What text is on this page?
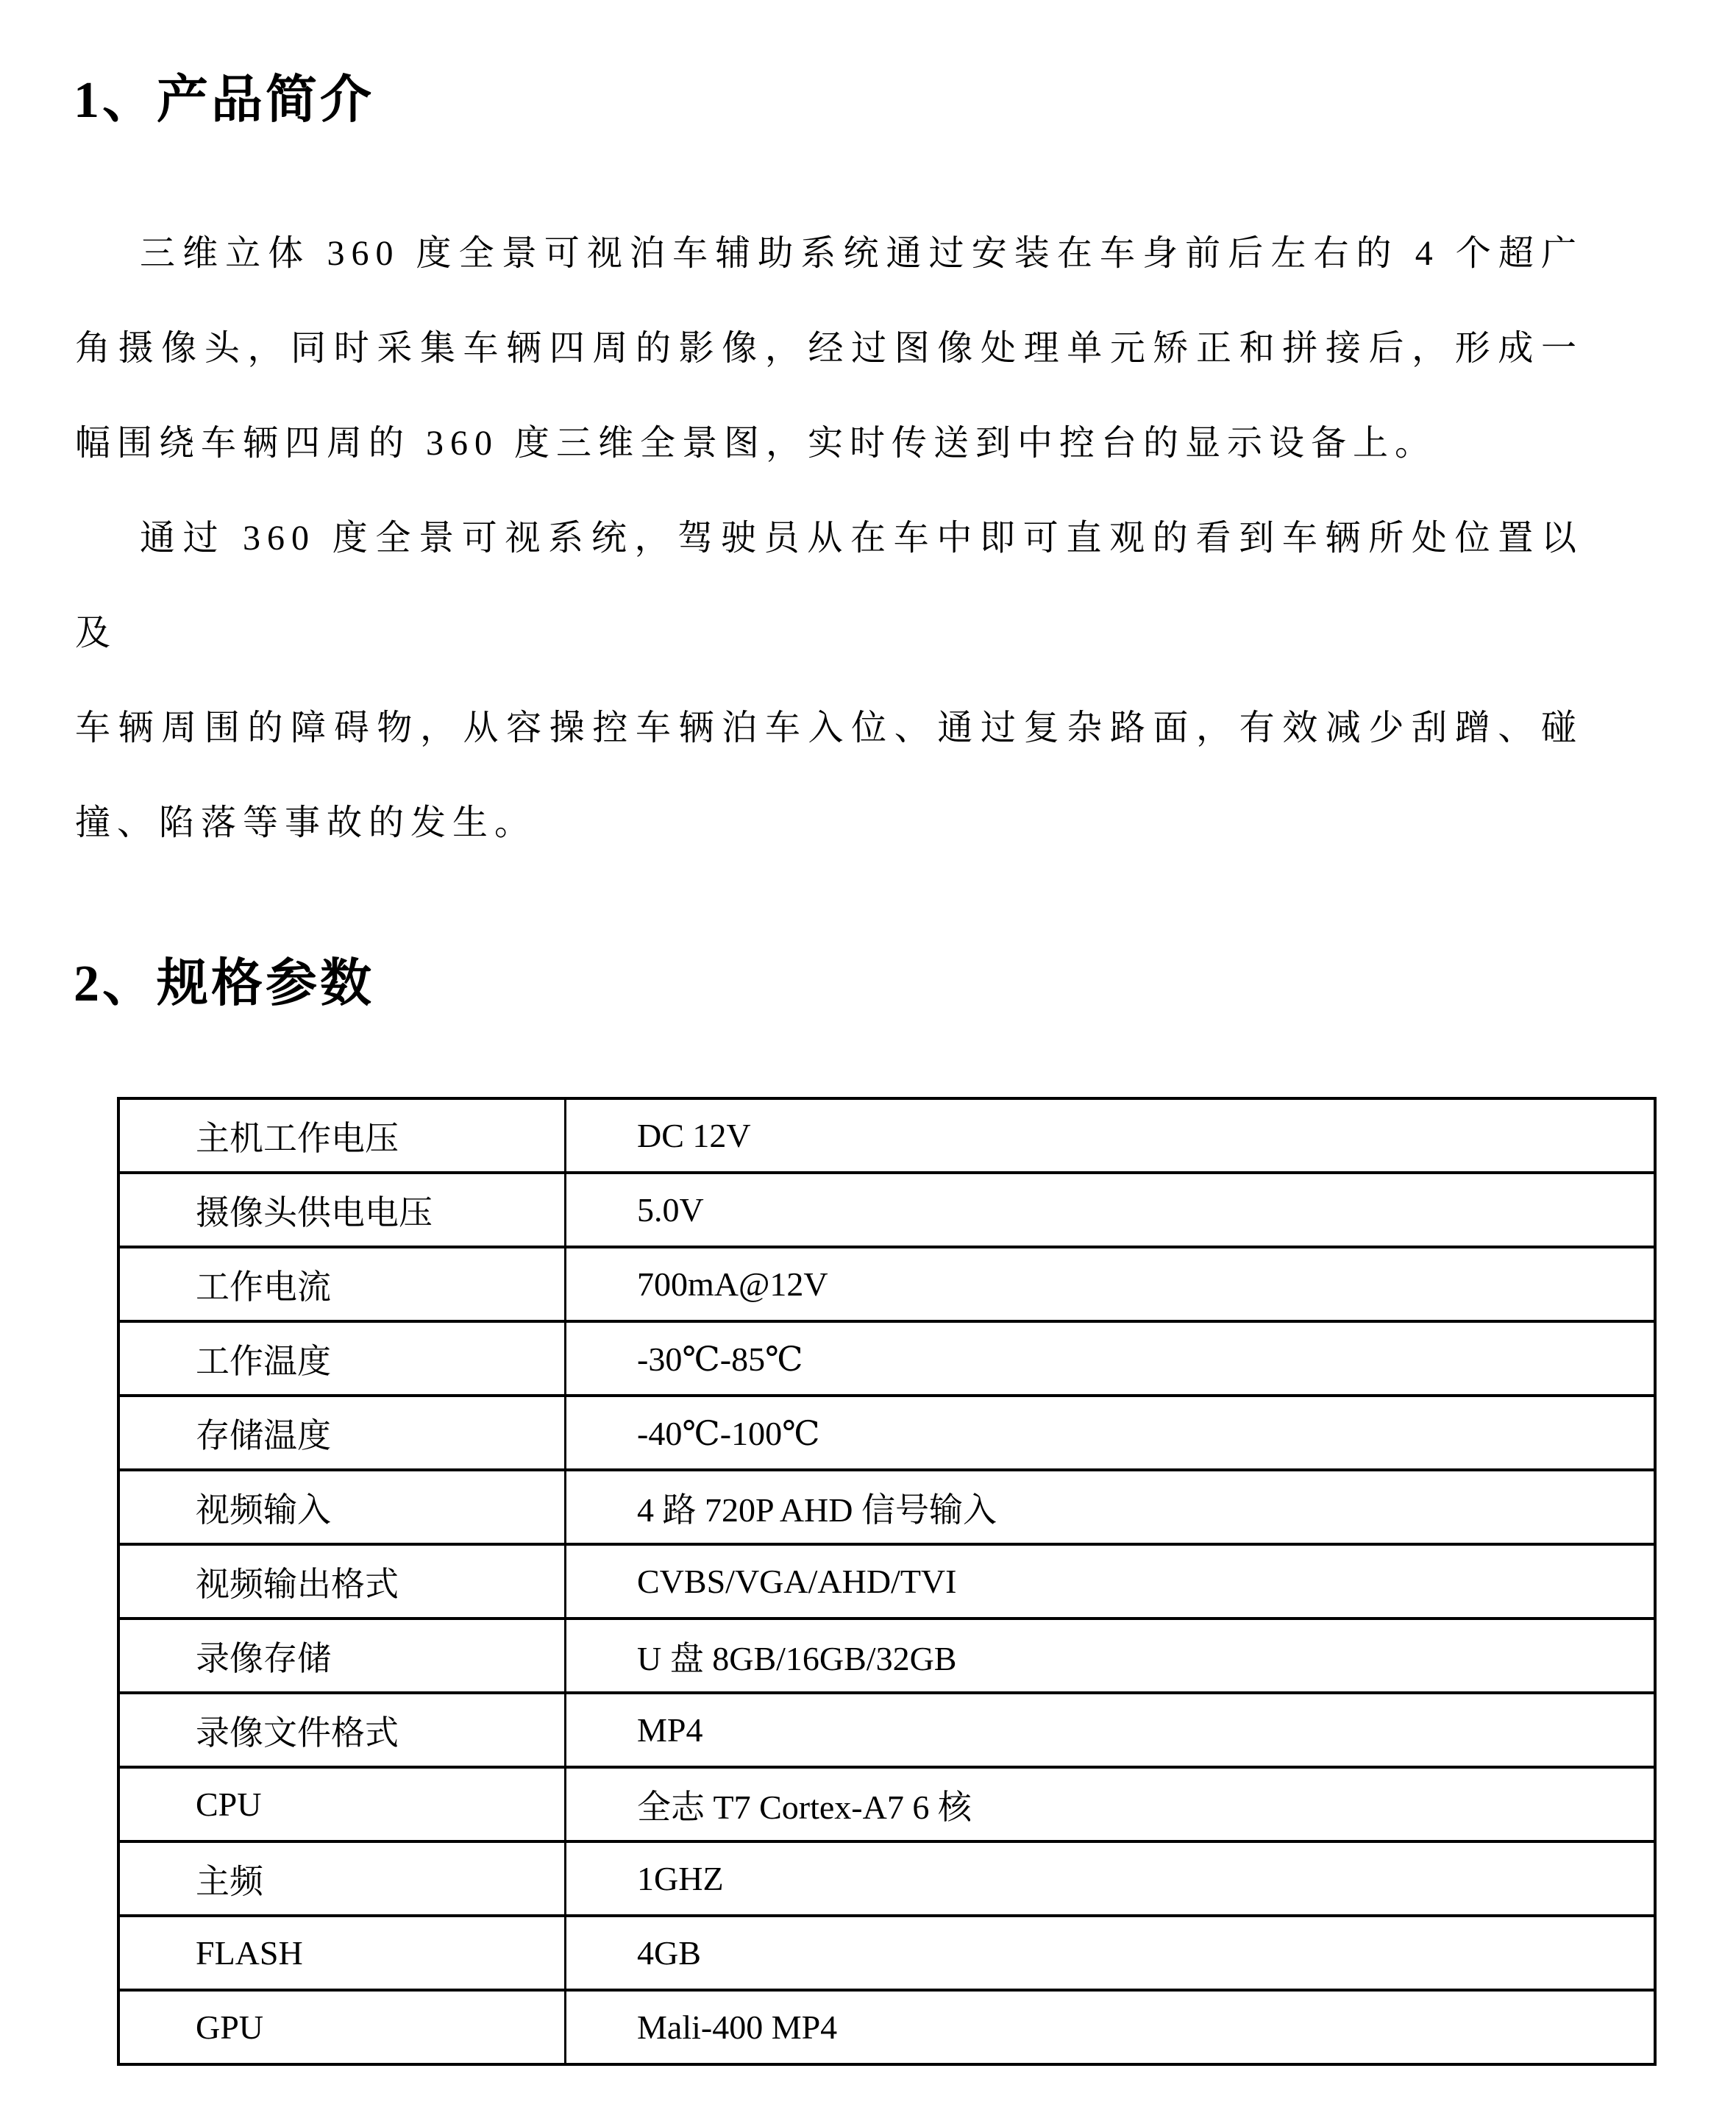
1、产品简介
三维立体 360 度全景可视泊车辅助系统通过安装在车身前后左右的 4 个超广
角摄像头，同时采集车辆四周的影像，经过图像处理单元矫正和拼接后，形成一
幅围绕车辆四周的 360 度三维全景图，实时传送到中控台的显示设备上。
通过 360 度全景可视系统，驾驶员从在车中即可直观的看到车辆所处位置以及
车辆周围的障碍物，从容操控车辆泊车入位、通过复杂路面，有效减少刮蹭、碰
撞、陷落等事故的发生。
2、规格参数
主机工作电压	DC 12V
摄像头供电电压	5.0V
工作电流	700mA@12V
工作温度	-30℃-85℃
存储温度	-40℃-100℃
视频输入	4 路 720P AHD 信号输入
视频输出格式	CVBS/VGA/AHD/TVI
录像存储	U 盘 8GB/16GB/32GB
录像文件格式	MP4
CPU	全志 T7 Cortex-A7 6 核
主频	1GHZ
FLASH	4GB
GPU	Mali-400 MP4
